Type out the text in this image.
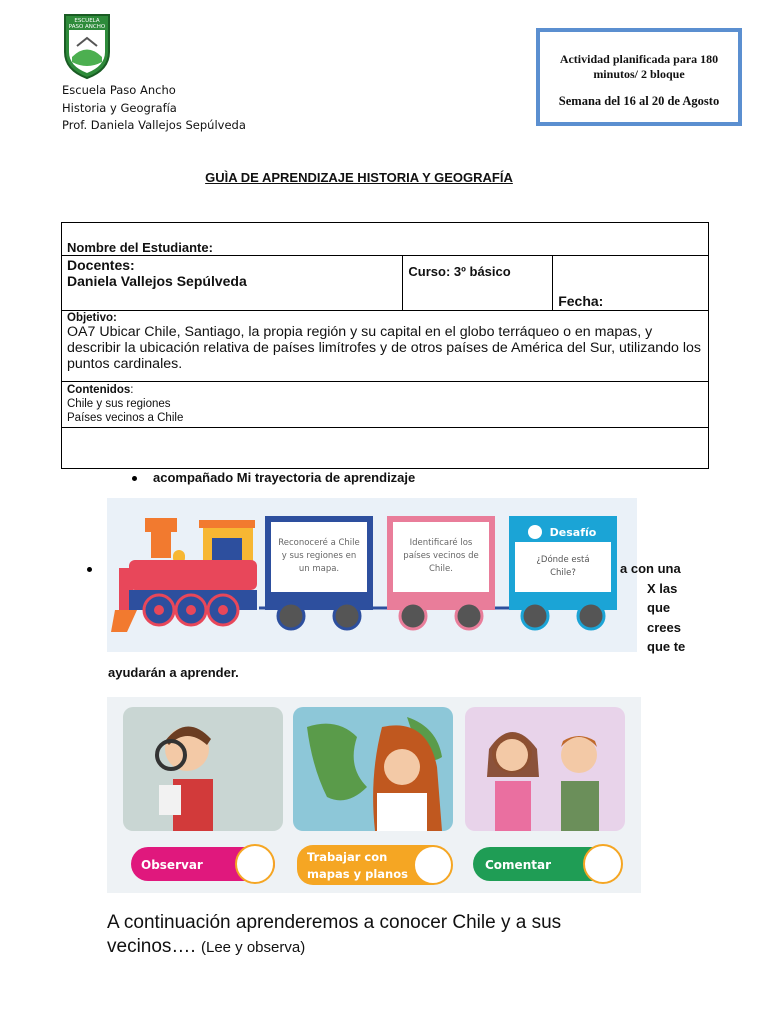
ESCUELA
PASO ANCHO
Escuela Paso Ancho
Historia y Geografía
Prof. Daniela Vallejos Sepúlveda
Actividad planificada para 180 minutos/ 2 bloque
Semana del 16 al 20 de Agosto
GUÌA DE APRENDIZAJE HISTORIA Y GEOGRAFÍA
Nombre del Estudiante:

Docentes:
Daniela Vallejos Sepúlveda
	Curso: 3º básico	Fecha:

Objetivo:
OA7 Ubicar Chile, Santiago, la propia región y su capital en el globo terráqueo o en mapas, y describir la ubicación relativa de países limítrofes y de otros países de América del Sur, utilizando los puntos cardinales.

Contenidos:
Chile y sus regiones
Países vecinos a Chile

acompañado Mi trayectoria de aprendizaje
Reconoceré a Chile
y sus regiones en
un mapa.
Identificaré los
países vecinos de
Chile.
Desafío
¿Dónde está
Chile?	a con una
X las
que
crees
que te
ayudarán a aprender.
Observar
Trabajar con
mapas y planos
Comentar
A continuación aprenderemos a conocer Chile y a sus vecinos…. (Lee y observa)
